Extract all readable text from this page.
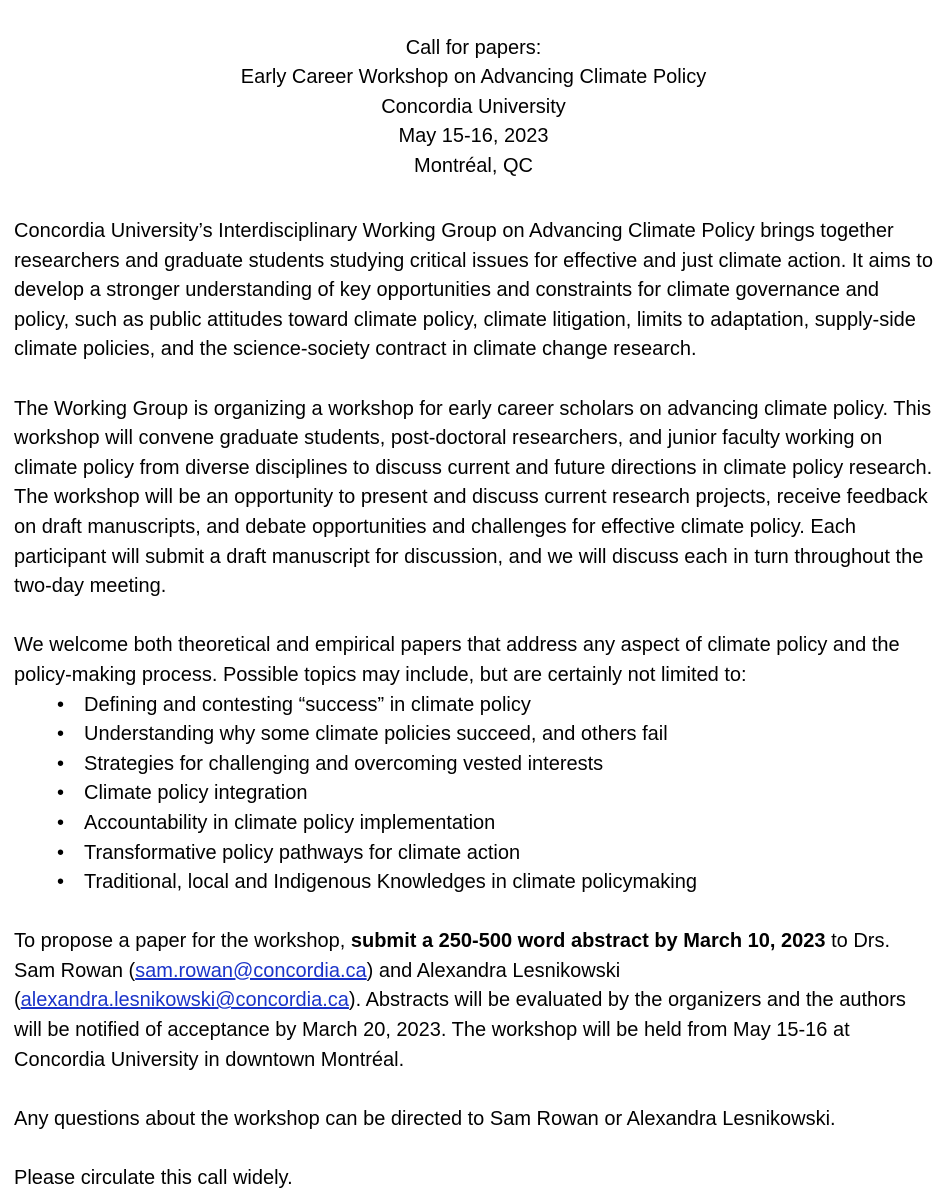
Call for papers:
Early Career Workshop on Advancing Climate Policy
Concordia University
May 15-16, 2023
Montréal, QC

Concordia University’s Interdisciplinary Working Group on Advancing Climate Policy brings together researchers and graduate students studying critical issues for effective and just climate action. It aims to develop a stronger understanding of key opportunities and constraints for climate governance and policy, such as public attitudes toward climate policy, climate litigation, limits to adaptation, supply-side climate policies, and the science-society contract in climate change research.

The Working Group is organizing a workshop for early career scholars on advancing climate policy. This workshop will convene graduate students, post-doctoral researchers, and junior faculty working on climate policy from diverse disciplines to discuss current and future directions in climate policy research. The workshop will be an opportunity to present and discuss current research projects, receive feedback on draft manuscripts, and debate opportunities and challenges for effective climate policy. Each participant will submit a draft manuscript for discussion, and we will discuss each in turn throughout the two-day meeting.

We welcome both theoretical and empirical papers that address any aspect of climate policy and the policy-making process. Possible topics may include, but are certainly not limited to:

• Defining and contesting “success” in climate policy
• Understanding why some climate policies succeed, and others fail
• Strategies for challenging and overcoming vested interests
• Climate policy integration
• Accountability in climate policy implementation
• Transformative policy pathways for climate action
• Traditional, local and Indigenous Knowledges in climate policymaking

To propose a paper for the workshop, submit a 250-500 word abstract by March 10, 2023 to Drs. Sam Rowan (sam.rowan@concordia.ca) and Alexandra Lesnikowski (alexandra.lesnikowski@concordia.ca). Abstracts will be evaluated by the organizers and the authors will be notified of acceptance by March 20, 2023. The workshop will be held from May 15-16 at Concordia University in downtown Montréal.

Any questions about the workshop can be directed to Sam Rowan or Alexandra Lesnikowski.

Please circulate this call widely.
